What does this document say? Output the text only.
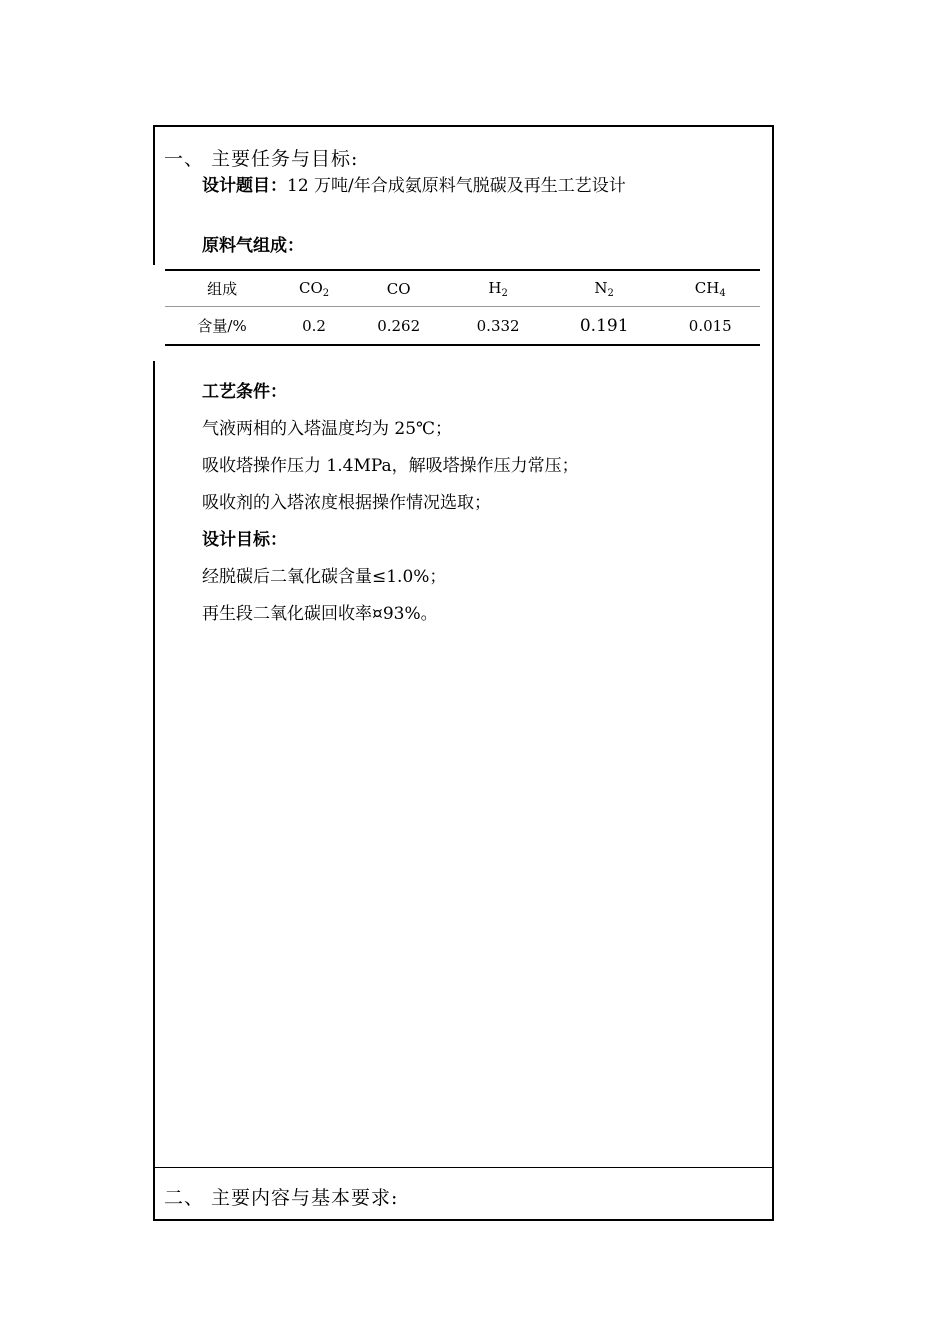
一、 主要任务与目标:
设计题目：12 万吨/年合成氨原料气脱碳及再生工艺设计
原料气组成：
组成	$CO_2$	CO	$H_2$	$N_2$	$CH_4$
含量/%	0.2	0.262	0.332	0.191	0.015
工艺条件：
气液两相的入塔温度均为 25℃；
吸收塔操作压力 1.4MPa，解吸塔操作压力常压；
吸收剂的入塔浓度根据操作情况选取；
设计目标：
经脱碳后二氧化碳含量≤1.0%；
再生段二氧化碳回收率¤93%。
二、 主要内容与基本要求:
